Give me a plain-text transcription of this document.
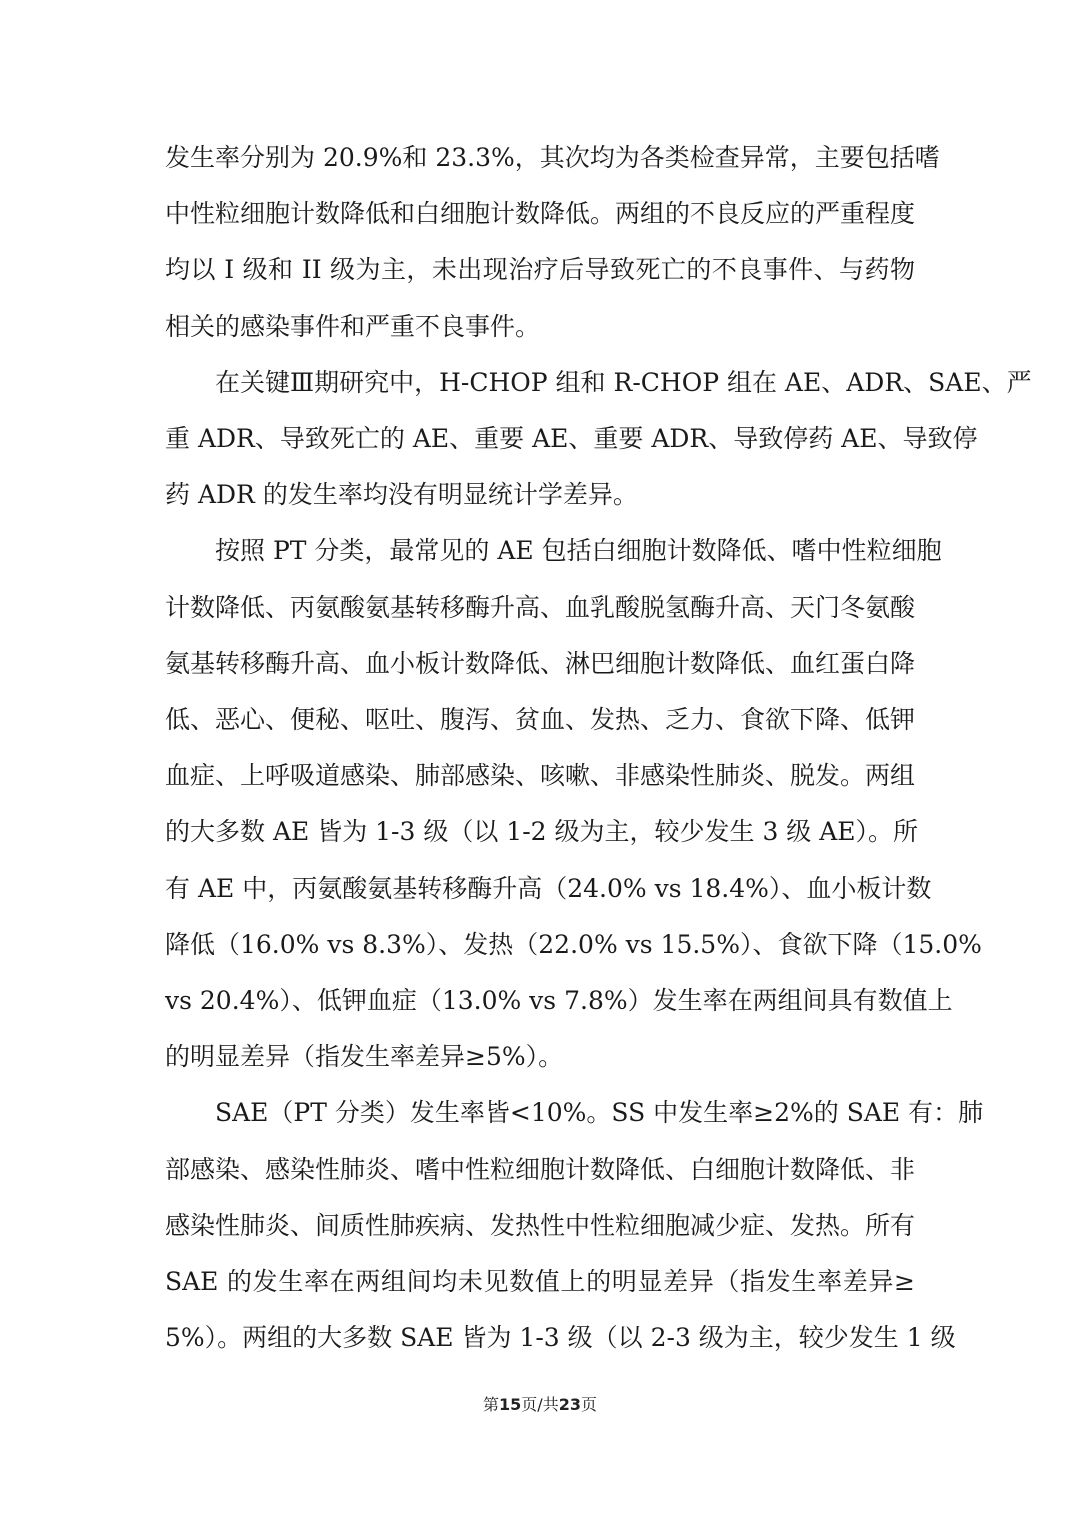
发生率分别为 20.9%和 23.3%，其次均为各类检查异常，主要包括嗜
中性粒细胞计数降低和白细胞计数降低。两组的不良反应的严重程度
均以 I 级和 II 级为主，未出现治疗后导致死亡的不良事件、与药物
相关的感染事件和严重不良事件。
在关键Ⅲ期研究中，H-CHOP 组和 R-CHOP 组在 AE、ADR、SAE、严
重 ADR、导致死亡的 AE、重要 AE、重要 ADR、导致停药 AE、导致停
药 ADR 的发生率均没有明显统计学差异。
按照 PT 分类，最常见的 AE 包括白细胞计数降低、嗜中性粒细胞
计数降低、丙氨酸氨基转移酶升高、血乳酸脱氢酶升高、天门冬氨酸
氨基转移酶升高、血小板计数降低、淋巴细胞计数降低、血红蛋白降
低、恶心、便秘、呕吐、腹泻、贫血、发热、乏力、食欲下降、低钾
血症、上呼吸道感染、肺部感染、咳嗽、非感染性肺炎、脱发。两组
的大多数 AE 皆为 1-3 级（以 1-2 级为主，较少发生 3 级 AE）。所
有 AE 中，丙氨酸氨基转移酶升高（24.0% vs 18.4%）、血小板计数
降低（16.0% vs 8.3%）、发热（22.0% vs 15.5%）、食欲下降（15.0%
vs 20.4%）、低钾血症（13.0% vs 7.8%）发生率在两组间具有数值上
的明显差异（指发生率差异≥5%）。
SAE（PT 分类）发生率皆<10%。SS 中发生率≥2%的 SAE 有：肺
部感染、感染性肺炎、嗜中性粒细胞计数降低、白细胞计数降低、非
感染性肺炎、间质性肺疾病、发热性中性粒细胞减少症、发热。所有
SAE 的发生率在两组间均未见数值上的明显差异（指发生率差异≥
5%）。两组的大多数 SAE 皆为 1-3 级（以 2-3 级为主，较少发生 1 级
第15页/共23页
